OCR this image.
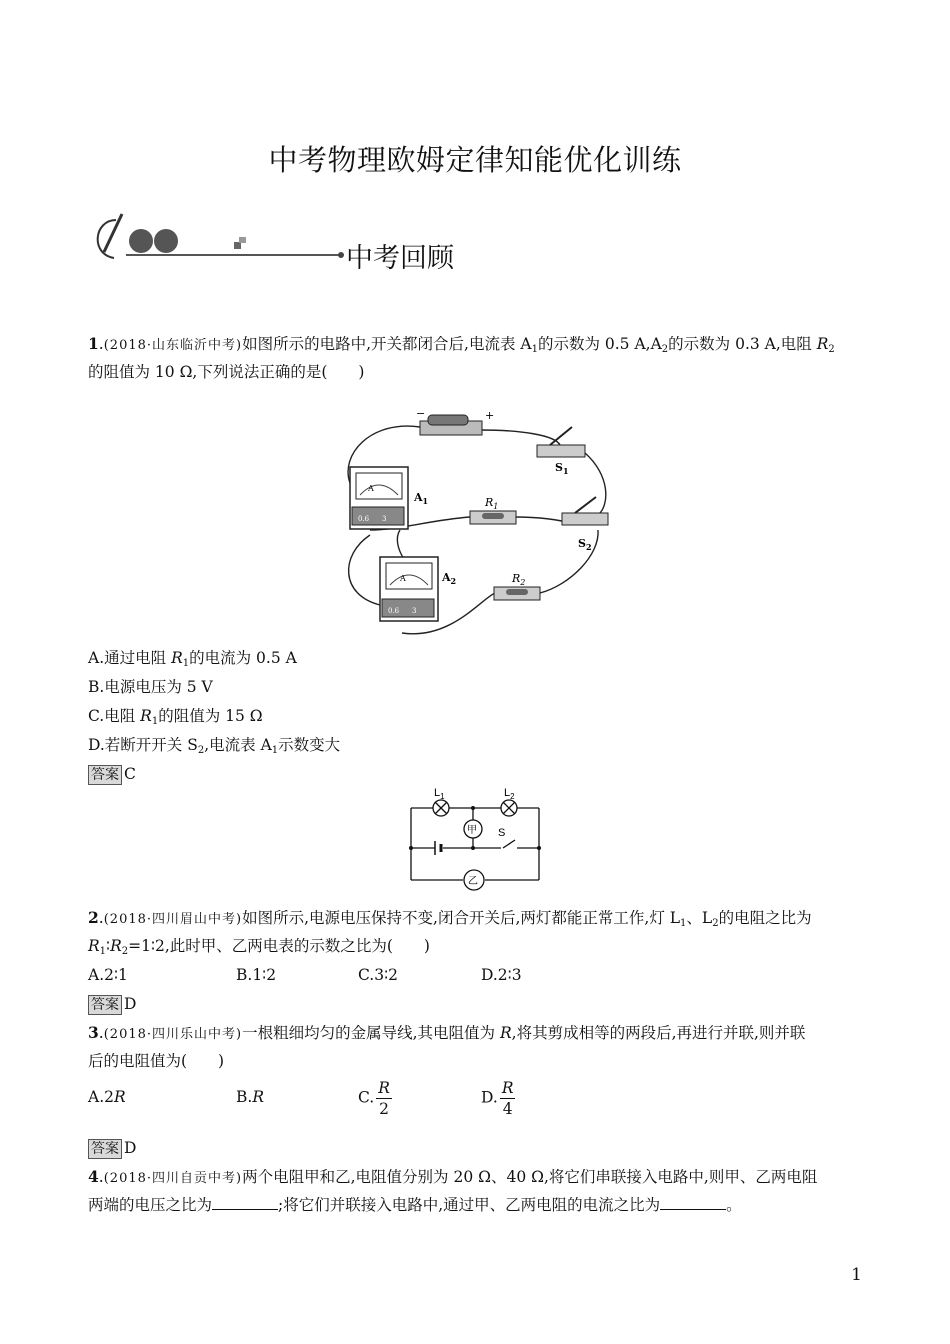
中考物理欧姆定律知能优化训练
中考回顾
1.(2018·山东临沂中考)如图所示的电路中,开关都闭合后,电流表 $A_1$的示数为 0.5 $A,A_2$的示数为 0.3 A,电阻 $R_2$
的阻值为 10 Ω,下列说法正确的是(　　)
−	+
$S_1$
$S_2$
A
0.6 3
$A_1$	$R_1$
A
0.6 3
$A_2$	$R_2$
A.通过电阻 $R_1$的电流为 0.5 A
B.电源电压为 5 V
C.电阻 $R_1$的阻值为 15 Ω
D.若断开开关 $S_2$,电流表 $A_1$示数变大
答案 C
$L_1$	$L_2$
甲
乙
S
2.(2018·四川眉山中考)如图所示,电源电压保持不变,闭合开关后,两灯都能正常工作,灯 $L_1$、$L_2$的电阻之比为
$R_1∶R_2=1∶2$,此时甲、乙两电表的示数之比为(　　)
A.2∶1	B.1∶2	C.3∶2	D.2∶3
答案 D
3.(2018·四川乐山中考)一根粗细均匀的金属导线,其电阻值为 R,将其剪成相等的两段后,再进行并联,则并联
后的电阻值为(　　)
A.2R	B.R	C. $\frac{R}{2}$	D. $\frac{R}{4}$
答案 D
4.(2018·四川自贡中考)两个电阻甲和乙,电阻值分别为 20 Ω、40 Ω,将它们串联接入电路中,则甲、乙两电阻
两端的电压之比为	;将它们并联接入电路中,通过甲、乙两电阻的电流之比为	。
1
